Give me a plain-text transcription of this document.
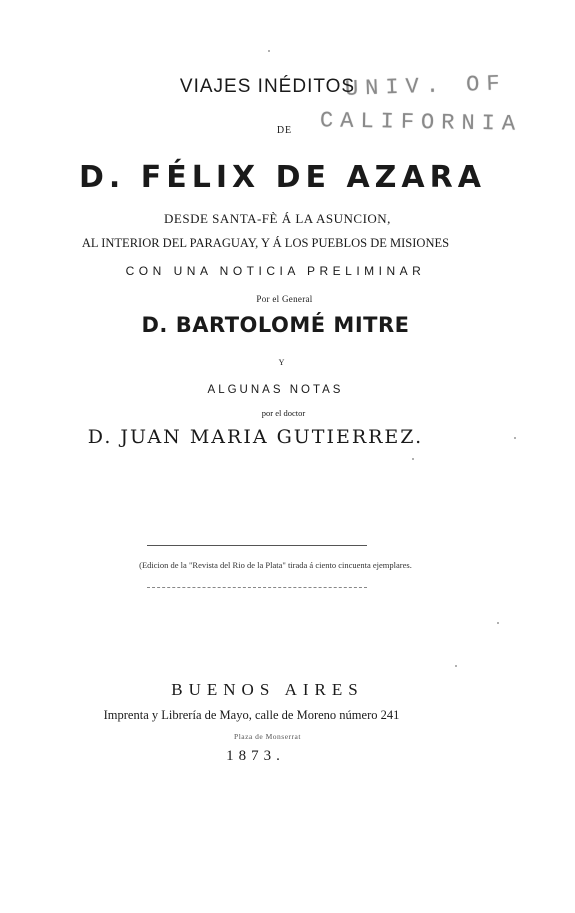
UNIV. OF
CALIFORNIA
VIAJES INÉDITOS
DE
D. FÉLIX DE AZARA
DESDE SANTA-FÈ Á LA ASUNCION,
AL INTERIOR DEL PARAGUAY, Y Á LOS PUEBLOS DE MISIONES
CON UNA NOTICIA PRELIMINAR
Por el General
D. BARTOLOMÉ MITRE
Y
ALGUNAS NOTAS
por el doctor
D. JUAN MARIA GUTIERREZ.
(Edicion de la "Revista del Rio de la Plata" tirada á ciento cincuenta ejemplares.
BUENOS AIRES
Imprenta y Librería de Mayo, calle de Moreno número 241
Plaza de Monserrat
1873.
